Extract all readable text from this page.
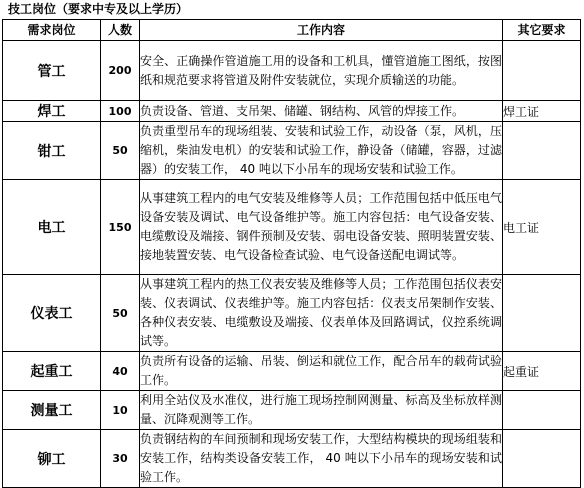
技工岗位（要求中专及以上学历）
需求岗位	人数	工作内容	其它要求
管工	200	安全、正确操作管道施工用的设备和工机具，懂管道施工图纸，按图纸和规范要求将管道及附件安装就位，实现介质输送的功能。	
焊工	100	负责设备、管道、支吊架、储罐、钢结构、风管的焊接工作。	焊工证
钳工	50	负责重型吊车的现场组装、安装和试验工作，动设备（泵，风机，压缩机，柴油发电机）的安装和试验工作，静设备（储罐，容器，过滤器）的安装工作， 40 吨以下小吊车的现场安装和试验工作。	
电工	150	从事建筑工程内的电气安装及维修等人员；工作范围包括中低压电气设备安装及调试、电气设备维护等。施工内容包括：电气设备安装、电缆敷设及端接、钢件预制及安装、弱电设备安装、照明装置安装、接地装置安装、电气设备检查试验、电气设备送配电调试等。	电工证
仪表工	50	从事建筑工程内的热工仪表安装及维修等人员；工作范围包括仪表安装、仪表调试、仪表维护等。施工内容包括：仪表支吊架制作安装、各种仪表安装、电缆敷设及端接、仪表单体及回路调试，仪控系统调试等。	
起重工	40	负责所有设备的运输、吊装、倒运和就位工作，配合吊车的载荷试验工作。	起重证
测量工	10	利用全站仪及水准仪，进行施工现场控制网测量、标高及坐标放样测量、沉降观测等工作。	
铆工	30	负责钢结构的车间预制和现场安装工作，大型结构模块的现场组装和安装工作，结构类设备安装工作， 40 吨以下小吊车的现场安装和试验工作。	
